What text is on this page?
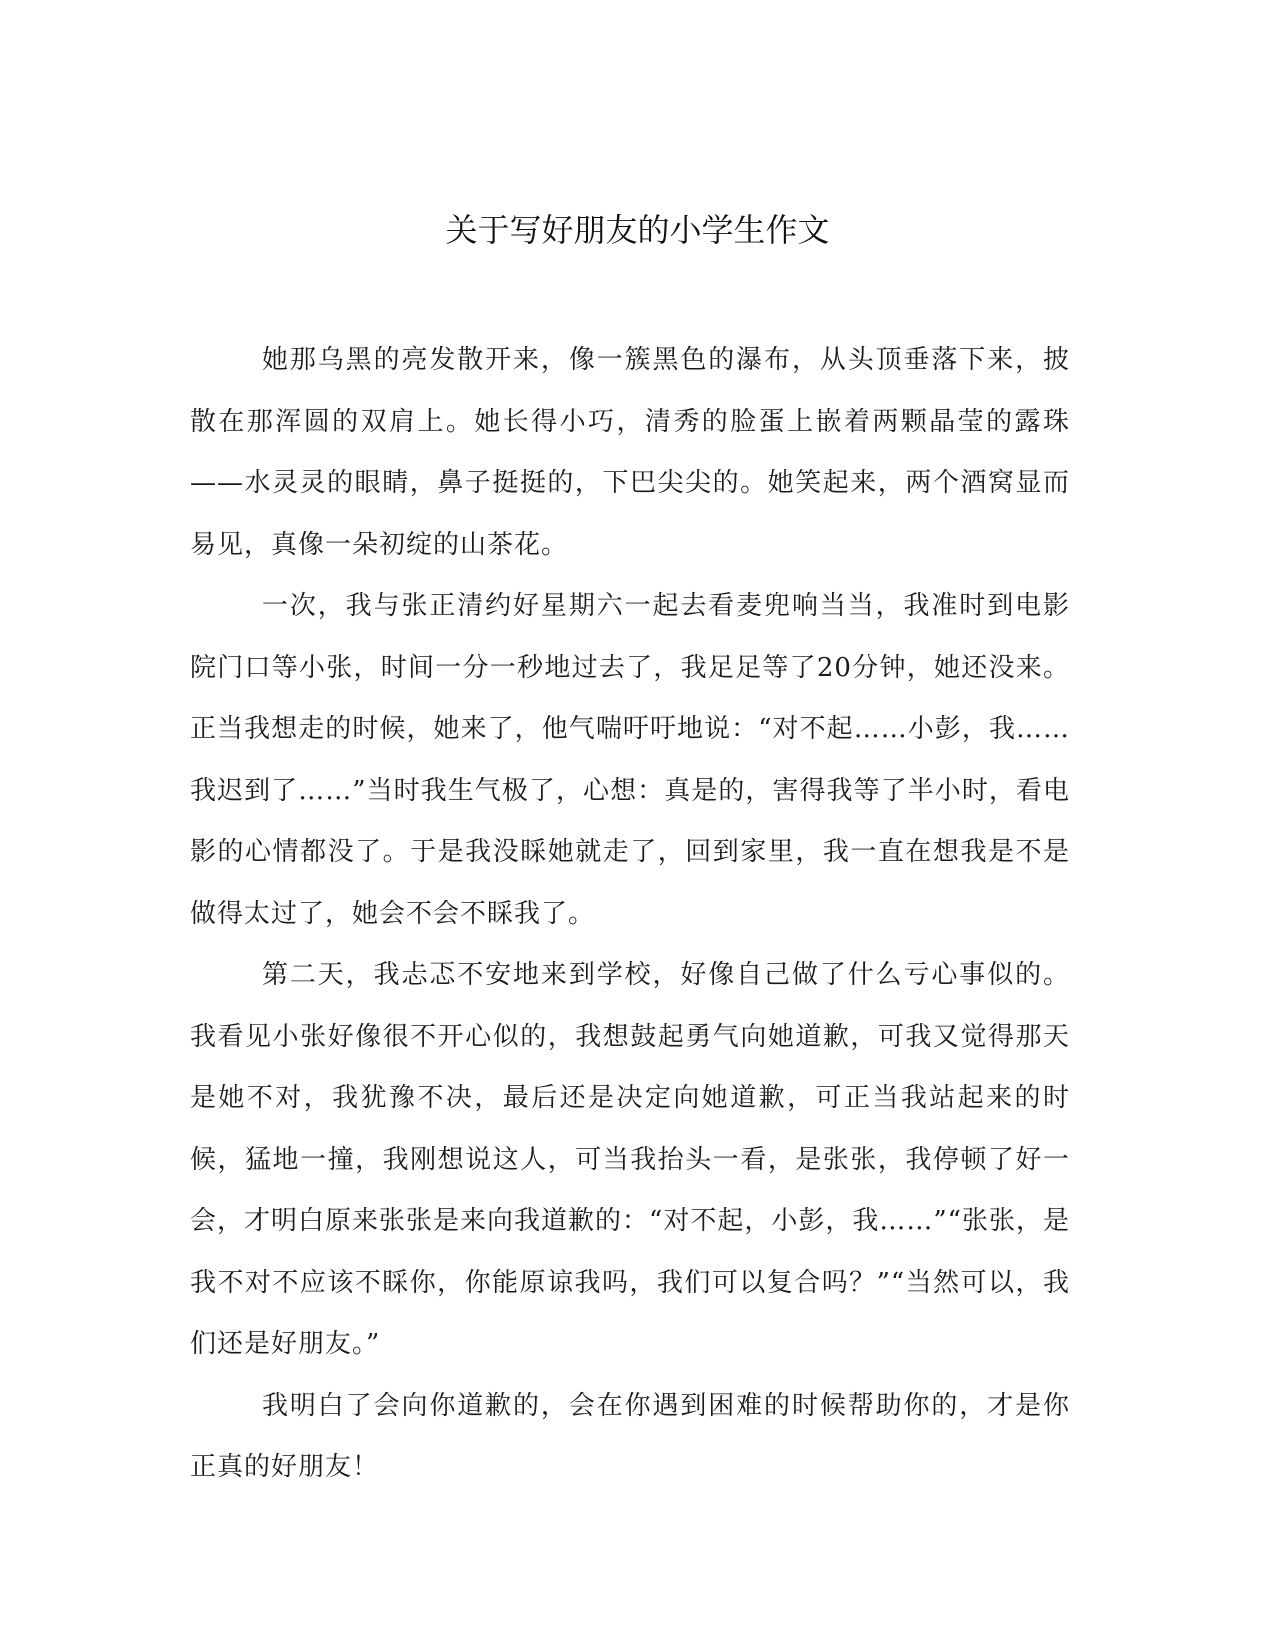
关于写好朋友的小学生作文

她那乌黑的亮发散开来，像一簇黑色的瀑布，从头顶垂落下来，披散在那浑圆的双肩上。她长得小巧，清秀的脸蛋上嵌着两颗晶莹的露珠——水灵灵的眼睛，鼻子挺挺的，下巴尖尖的。她笑起来，两个酒窝显而易见，真像一朵初绽的山茶花。

一次，我与张正清约好星期六一起去看麦兜响当当，我准时到电影院门口等小张，时间一分一秒地过去了，我足足等了20分钟，她还没来。正当我想走的时候，她来了，他气喘吁吁地说：“对不起……小彭，我……我迟到了……”当时我生气极了，心想：真是的，害得我等了半小时，看电影的心情都没了。于是我没睬她就走了，回到家里，我一直在想我是不是做得太过了，她会不会不睬我了。

第二天，我忐忑不安地来到学校，好像自己做了什么亏心事似的。我看见小张好像很不开心似的，我想鼓起勇气向她道歉，可我又觉得那天是她不对，我犹豫不决，最后还是决定向她道歉，可正当我站起来的时候，猛地一撞，我刚想说这人，可当我抬头一看，是张张，我停顿了好一会，才明白原来张张是来向我道歉的：“对不起，小彭，我……”“张张，是我不对不应该不睬你，你能原谅我吗，我们可以复合吗？”“当然可以，我们还是好朋友。”

我明白了会向你道歉的，会在你遇到困难的时候帮助你的，才是你正真的好朋友！
